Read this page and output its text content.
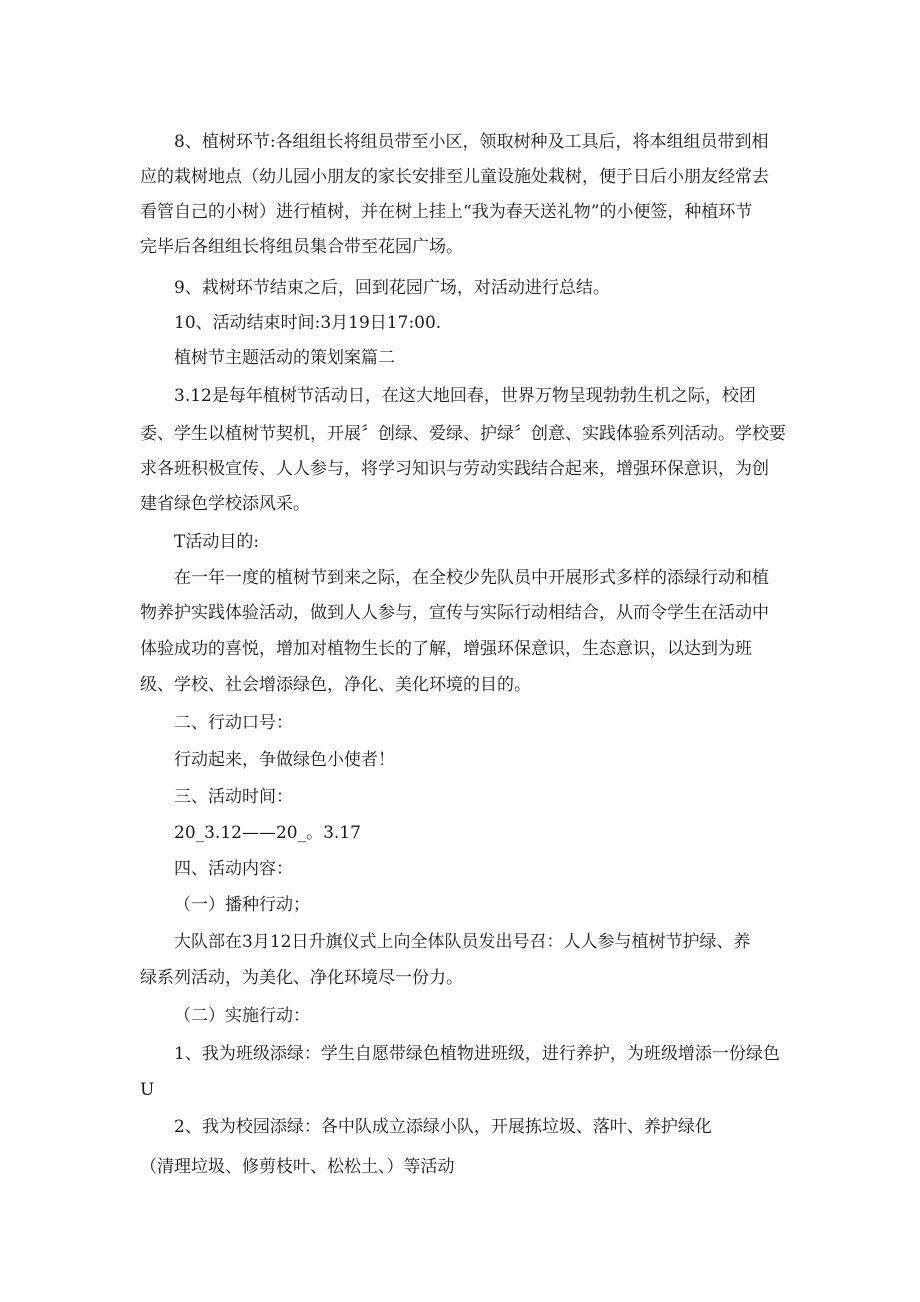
8、植树环节:各组组长将组员带至小区，领取树种及工具后，将本组组员带到相
应的栽树地点（幼儿园小朋友的家长安排至儿童设施处栽树，便于日后小朋友经常去
看管自己的小树）进行植树，并在树上挂上“我为春天送礼物”的小便签，种植环节
完毕后各组组长将组员集合带至花园广场。
9、栽树环节结束之后，回到花园广场，对活动进行总结。
10、活动结束时间:3月19日17:00.
植树节主题活动的策划案篇二
3.12是每年植树节活动日，在这大地回春，世界万物呈现勃勃生机之际，校团
委、学生以植树节契机，开展〞创绿、爱绿、护绿〞创意、实践体验系列活动。学校要
求各班积极宣传、人人参与，将学习知识与劳动实践结合起来，增强环保意识，为创
建省绿色学校添风采。
T活动目的:
在一年一度的植树节到来之际，在全校少先队员中开展形式多样的添绿行动和植
物养护实践体验活动，做到人人参与，宣传与实际行动相结合，从而令学生在活动中
体验成功的喜悦，增加对植物生长的了解，增强环保意识，生态意识，以达到为班
级、学校、社会增添绿色，净化、美化环境的目的。
二、行动口号：
行动起来，争做绿色小使者！
三、活动时间：
20_3.12——20_。3.17
四、活动内容：
（一）播种行动；
大队部在3月12日升旗仪式上向全体队员发出号召：人人参与植树节护绿、养
绿系列活动，为美化、净化环境尽一份力。
（二）实施行动：
1、我为班级添绿：学生自愿带绿色植物进班级，进行养护，为班级增添一份绿色
U
2、我为校园添绿：各中队成立添绿小队，开展拣垃圾、落叶、养护绿化
（清理垃圾、修剪枝叶、松松土、）等活动
